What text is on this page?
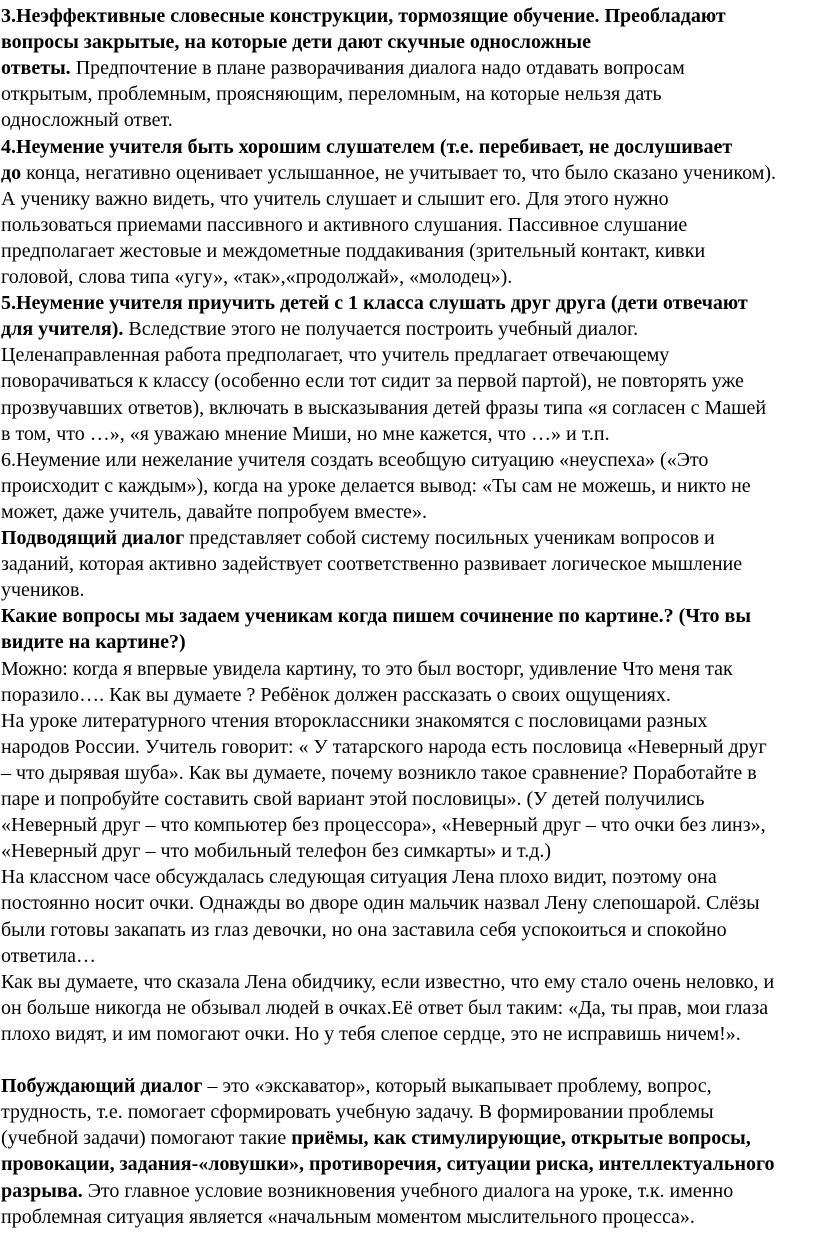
3.Неэффективные словесные конструкции, тормозящие обучение. Преобладают
вопросы закрытые, на которые дети дают скучные односложные
ответы. Предпочтение в плане разворачивания диалога надо отдавать вопросам
открытым, проблемным, проясняющим, переломным, на которые нельзя дать
односложный ответ.
4.Неумение учителя быть хорошим слушателем (т.е. перебивает, не дослушивает
до конца, негативно оценивает услышанное, не учитывает то, что было сказано учеником).
А ученику важно видеть, что учитель слушает и слышит его. Для этого нужно
пользоваться приемами пассивного и активного слушания. Пассивное слушание
предполагает жестовые и междометные поддакивания (зрительный контакт, кивки
головой, слова типа «угу», «так»,«продолжай», «молодец»).
5.Неумение учителя приучить детей с 1 класса слушать друг друга (дети отвечают
для учителя). Вследствие этого не получается построить учебный диалог.
Целенаправленная работа предполагает, что учитель предлагает отвечающему
поворачиваться к классу (особенно если тот сидит за первой партой), не повторять уже
прозвучавших ответов), включать в высказывания детей фразы типа «я согласен с Машей
в том, что …», «я уважаю мнение Миши, но мне кажется, что …» и т.п.
6.Неумение или нежелание учителя создать всеобщую ситуацию «неуспеха» («Это
происходит с каждым»), когда на уроке делается вывод: «Ты сам не можешь, и никто не
может, даже учитель, давайте попробуем вместе».
Подводящий диалог представляет собой систему посильных ученикам вопросов и
заданий, которая активно задействует соответственно развивает логическое мышление
учеников.
Какие вопросы мы задаем ученикам когда пишем сочинение по картине.? (Что вы
видите на картине?)
Можно: когда я впервые увидела картину, то это был восторг, удивление Что меня так
поразило…. Как вы думаете ? Ребёнок должен рассказать о своих ощущениях.
На уроке литературного чтения второклассники знакомятся с пословицами разных
народов России. Учитель говорит: « У татарского народа есть пословица «Неверный друг
– что дырявая шуба». Как вы думаете, почему возникло такое сравнение? Поработайте в
паре и попробуйте составить свой вариант этой пословицы». (У детей получились
«Неверный друг – что компьютер без процессора», «Неверный друг – что очки без линз»,
«Неверный друг – что мобильный телефон без симкарты» и т.д.)
На классном часе обсуждалась следующая ситуация Лена плохо видит, поэтому она
постоянно носит очки. Однажды во дворе один мальчик назвал Лену слепошарой. Слёзы
были готовы закапать из глаз девочки, но она заставила себя успокоиться и спокойно
ответила…
Как вы думаете, что сказала Лена обидчику, если известно, что ему стало очень неловко, и
он больше никогда не обзывал людей в очках.Её ответ был таким: «Да, ты прав, мои глаза
плохо видят, и им помогают очки. Но у тебя слепое сердце, это не исправишь ничем!».
Побуждающий диалог – это «экскаватор», который выкапывает проблему, вопрос,
трудность, т.е. помогает сформировать учебную задачу. В формировании проблемы
(учебной задачи) помогают такие приёмы, как стимулирующие, открытые вопросы,
провокации, задания-«ловушки», противоречия, ситуации риска, интеллектуального
разрыва. Это главное условие возникновения учебного диалога на уроке, т.к. именно
проблемная ситуация является «начальным моментом мыслительного процесса».
